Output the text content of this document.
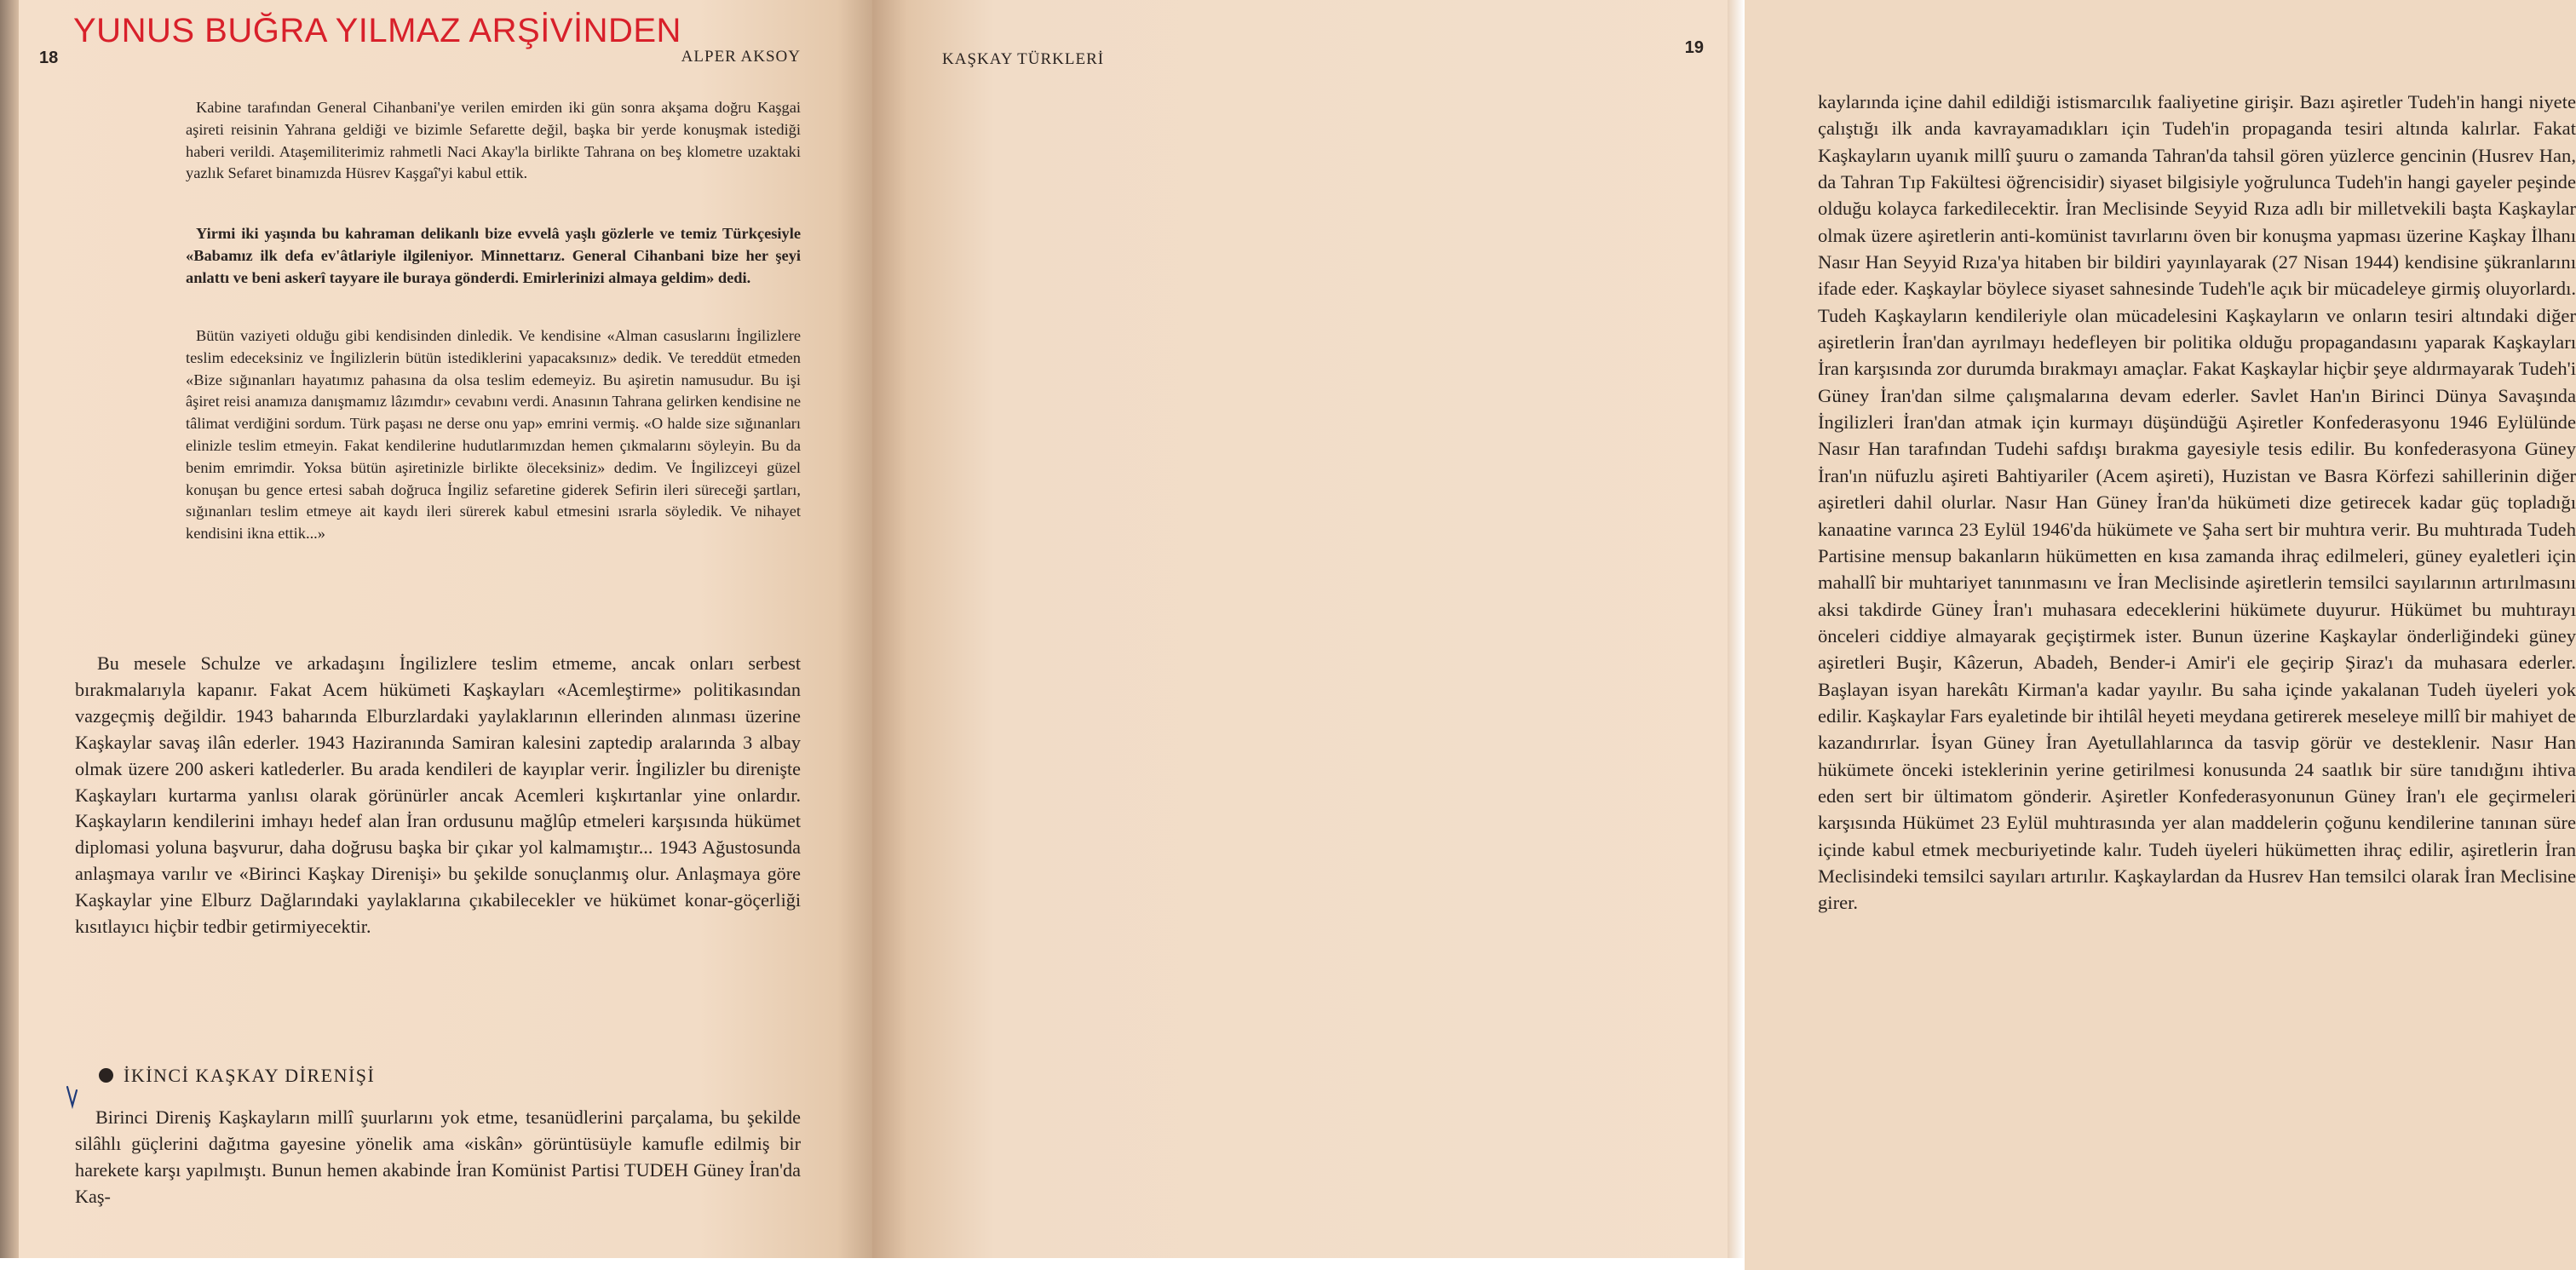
YUNUS BUĞRA YILMAZ ARŞİVİNDEN
18	ALPER AKSOY

Kabine tarafından General Cihanbani'ye verilen emirden iki gün sonra akşama doğru Kaşgai aşireti reisinin Yahrana geldiği ve bizimle Sefarette değil, başka bir yerde konuşmak istediği haberi verildi. Ataşemiliterimiz rahmetli Naci Akay'la birlikte Tahrana on beş klometre uzaktaki yazlık Sefaret binamızda Hüsrev Kaşgaî'yi kabul ettik.

Yirmi iki yaşında bu kahraman delikanlı bize evvelâ yaşlı gözlerle ve temiz Türkçesiyle «Babamız ilk defa ev'âtlariyle ilgileniyor. Minnettarız. General Cihanbani bize her şeyi anlattı ve beni askerî tayyare ile buraya gönderdi. Emirlerinizi almaya geldim» dedi.

Bütün vaziyeti olduğu gibi kendisinden dinledik. Ve kendisine «Alman casuslarını İngilizlere teslim edeceksiniz ve İngilizlerin bütün istediklerini yapacaksınız» dedik. Ve tereddüt etmeden «Bize sığınanları hayatımız pahasına da olsa teslim edemeyiz. Bu aşiretin namusudur. Bu işi âşiret reisi anamıza danışmamız lâzımdır» cevabını verdi. Anasının Tahrana gelirken kendisine ne tâlimat verdiğini sordum. Türk paşası ne derse onu yap» emrini vermiş. «O halde size sığınanları elinizle teslim etmeyin. Fakat kendilerine hudutlarımızdan hemen çıkmalarını söyleyin. Bu da benim emrimdir. Yoksa bütün aşiretinizle birlikte öleceksiniz» dedim. Ve İngilizceyi güzel konuşan bu gence ertesi sabah doğruca İngiliz sefaretine giderek Sefirin ileri süreceği şartları, sığınanları teslim etmeye ait kaydı ileri sürerek kabul etmesini ısrarla söyledik. Ve nihayet kendisini ikna ettik...»

Bu mesele Schulze ve arkadaşını İngilizlere teslim etmeme, ancak onları serbest bırakmalarıyla kapanır. Fakat Acem hükümeti Kaşkayları «Acemleştirme» politikasından vazgeçmiş değildir. 1943 baharında Elburzlardaki yaylaklarının ellerinden alınması üzerine Kaşkaylar savaş ilân ederler. 1943 Haziranında Samiran kalesini zaptedip aralarında 3 albay olmak üzere 200 askeri katlederler. Bu arada kendileri de kayıplar verir. İngilizler bu direnişte Kaşkayları kurtarma yanlısı olarak görünürler ancak Acemleri kışkırtanlar yine onlardır. Kaşkayların kendilerini imhayı hedef alan İran ordusunu mağlûp etmeleri karşısında hükümet diplomasi yoluna başvurur, daha doğrusu başka bir çıkar yol kalmamıştır... 1943 Ağustosunda anlaşmaya varılır ve «Birinci Kaşkay Direnişi» bu şekilde sonuçlanmış olur. Anlaşmaya göre Kaşkaylar yine Elburz Dağlarındaki yaylaklarına çıkabilecekler ve hükümet konar-göçerliği kısıtlayıcı hiçbir tedbir getirmiyecektir.

İKİNCİ KAŞKAY DİRENİŞİ

Birinci Direniş Kaşkayların millî şuurlarını yok etme, tesanüdlerini parçalama, bu şekilde silâhlı güçlerini dağıtma gayesine yönelik ama «iskân» görüntüsüyle kamufle edilmiş bir harekete karşı yapılmıştı. Bunun hemen akabinde İran Komünist Partisi TUDEH Güney İran'da Kaş-

19
KAŞKAY TÜRKLERİ

kaylarında içine dahil edildiği istismarcılık faaliyetine girişir. Bazı aşiretler Tudeh'in hangi niyete çalıştığı ilk anda kavrayamadıkları için Tudeh'in propaganda tesiri altında kalırlar. Fakat Kaşkayların uyanık millî şuuru o zamanda Tahran'da tahsil gören yüzlerce gencinin (Husrev Han, da Tahran Tıp Fakültesi öğrencisidir) siyaset bilgisiyle yoğrulunca Tudeh'in hangi gayeler peşinde olduğu kolayca farkedilecektir. İran Meclisinde Seyyid Rıza adlı bir milletvekili başta Kaşkaylar olmak üzere aşiretlerin anti-komünist tavırlarını öven bir konuşma yapması üzerine Kaşkay İlhanı Nasır Han Seyyid Rıza'ya hitaben bir bildiri yayınlayarak (27 Nisan 1944) kendisine şükranlarını ifade eder. Kaşkaylar böylece siyaset sahnesinde Tudeh'le açık bir mücadeleye girmiş oluyorlardı. Tudeh Kaşkayların kendileriyle olan mücadelesini Kaşkayların ve onların tesiri altındaki diğer aşiretlerin İran'dan ayrılmayı hedefleyen bir politika olduğu propagandasını yaparak Kaşkayları İran karşısında zor durumda bırakmayı amaçlar. Fakat Kaşkaylar hiçbir şeye aldırmayarak Tudeh'i Güney İran'dan silme çalışmalarına devam ederler. Savlet Han'ın Birinci Dünya Savaşında İngilizleri İran'dan atmak için kurmayı düşündüğü Aşiretler Konfederasyonu 1946 Eylülünde Nasır Han tarafından Tudehi safdışı bırakma gayesiyle tesis edilir. Bu konfederasyona Güney İran'ın nüfuzlu aşireti Bahtiyariler (Acem aşireti), Huzistan ve Basra Körfezi sahillerinin diğer aşiretleri dahil olurlar. Nasır Han Güney İran'da hükümeti dize getirecek kadar güç topladığı kanaatine varınca 23 Eylül 1946'da hükümete ve Şaha sert bir muhtıra verir. Bu muhtırada Tudeh Partisine mensup bakanların hükümetten en kısa zamanda ihraç edilmeleri, güney eyaletleri için mahallî bir muhtariyet tanınmasını ve İran Meclisinde aşiretlerin temsilci sayılarının artırılmasını aksi takdirde Güney İran'ı muhasara edeceklerini hükümete duyurur. Hükümet bu muhtırayı önceleri ciddiye almayarak geçiştirmek ister. Bunun üzerine Kaşkaylar önderliğindeki güney aşiretleri Buşir, Kâzerun, Abadeh, Bender-i Amir'i ele geçirip Şiraz'ı da muhasara ederler. Başlayan isyan harekâtı Kirman'a kadar yayılır. Bu saha içinde yakalanan Tudeh üyeleri yok edilir. Kaşkaylar Fars eyaletinde bir ihtilâl heyeti meydana getirerek meseleye millî bir mahiyet de kazandırırlar. İsyan Güney İran Ayetullahlarınca da tasvip görür ve desteklenir. Nasır Han hükümete önceki isteklerinin yerine getirilmesi konusunda 24 saatlık bir süre tanıdığını ihtiva eden sert bir ültimatom gönderir. Aşiretler Konfederasyonunun Güney İran'ı ele geçirmeleri karşısında Hükümet 23 Eylül muhtırasında yer alan maddelerin çoğunu kendilerine tanınan süre içinde kabul etmek mecburiyetinde kalır. Tudeh üyeleri hükümetten ihraç edilir, aşiretlerin İran Meclisindeki temsilci sayıları artırılır. Kaşkaylardan da Husrev Han temsilci olarak İran Meclisine girer.
